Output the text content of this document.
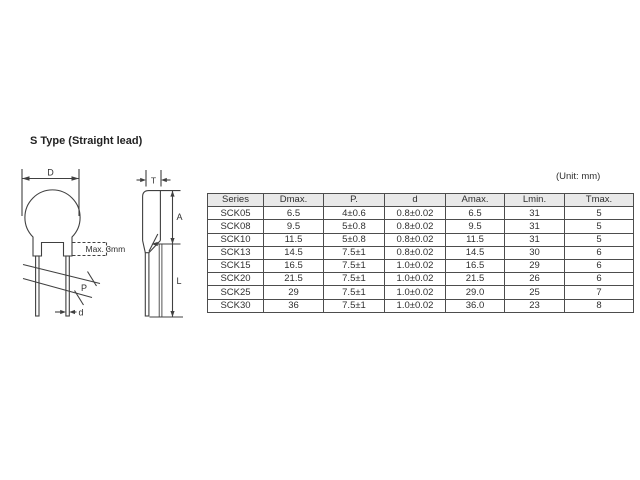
S Type (Straight lead)
D
Max. 3mm
P
d
T
A
L
(Unit: mm)
Series	Dmax.	P.	d	Amax.	Lmin.	Tmax.
SCK05	6.5	4±0.6	0.8±0.02	6.5	31	5
SCK08	9.5	5±0.8	0.8±0.02	9.5	31	5
SCK10	11.5	5±0.8	0.8±0.02	11.5	31	5
SCK13	14.5	7.5±1	0.8±0.02	14.5	30	6
SCK15	16.5	7.5±1	1.0±0.02	16.5	29	6
SCK20	21.5	7.5±1	1.0±0.02	21.5	26	6
SCK25	29	7.5±1	1.0±0.02	29.0	25	7
SCK30	36	7.5±1	1.0±0.02	36.0	23	8
